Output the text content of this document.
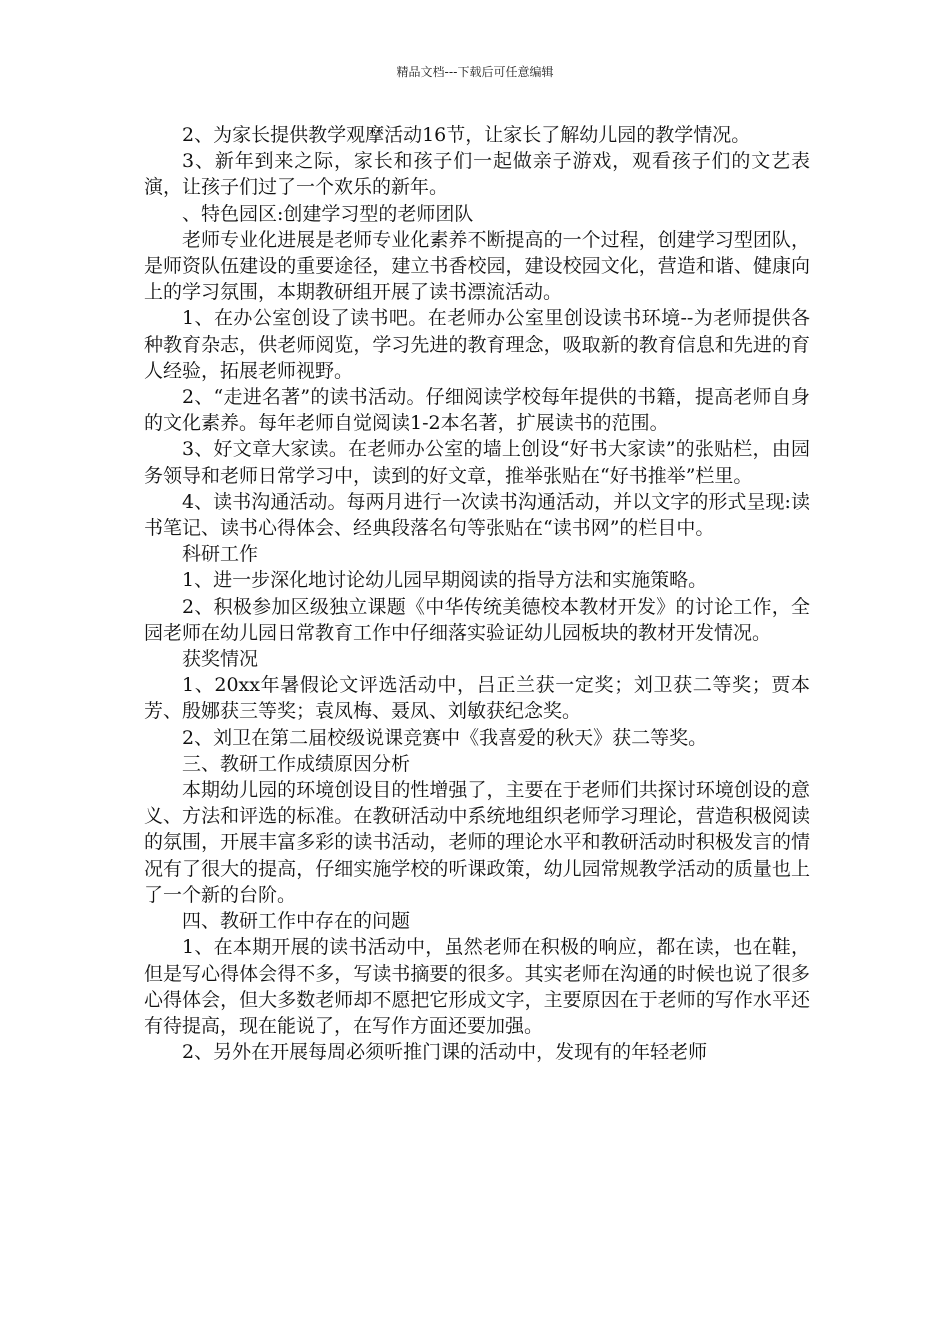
精品文档---下载后可任意编辑

2、为家长提供教学观摩活动16节，让家长了解幼儿园的教学情况。

3、新年到来之际，家长和孩子们一起做亲子游戏，观看孩子们的文艺表演，让孩子们过了一个欢乐的新年。

、特色园区:创建学习型的老师团队

老师专业化进展是老师专业化素养不断提高的一个过程，创建学习型团队，是师资队伍建设的重要途径，建立书香校园，建设校园文化，营造和谐、健康向上的学习氛围，本期教研组开展了读书漂流活动。

1、在办公室创设了读书吧。在老师办公室里创设读书环境--为老师提供各种教育杂志，供老师阅览，学习先进的教育理念，吸取新的教育信息和先进的育人经验，拓展老师视野。

2、“走进名著”的读书活动。仔细阅读学校每年提供的书籍，提高老师自身的文化素养。每年老师自觉阅读1-2本名著，扩展读书的范围。

3、好文章大家读。在老师办公室的墙上创设“好书大家读”的张贴栏，由园务领导和老师日常学习中，读到的好文章，推举张贴在“好书推举”栏里。

4、读书沟通活动。每两月进行一次读书沟通活动，并以文字的形式呈现:读书笔记、读书心得体会、经典段落名句等张贴在“读书网”的栏目中。

科研工作

1、进一步深化地讨论幼儿园早期阅读的指导方法和实施策略。

2、积极参加区级独立课题《中华传统美德校本教材开发》的讨论工作，全园老师在幼儿园日常教育工作中仔细落实验证幼儿园板块的教材开发情况。

获奖情况

1、20xx年暑假论文评选活动中，吕正兰获一定奖；刘卫获二等奖；贾本芳、殷娜获三等奖；袁凤梅、聂凤、刘敏获纪念奖。

2、刘卫在第二届校级说课竞赛中《我喜爱的秋天》获二等奖。

三、教研工作成绩原因分析

本期幼儿园的环境创设目的性增强了，主要在于老师们共探讨环境创设的意义、方法和评选的标准。在教研活动中系统地组织老师学习理论，营造积极阅读的氛围，开展丰富多彩的读书活动，老师的理论水平和教研活动时积极发言的情况有了很大的提高，仔细实施学校的听课政策，幼儿园常规教学活动的质量也上了一个新的台阶。

四、教研工作中存在的问题

1、在本期开展的读书活动中，虽然老师在积极的响应，都在读，也在鞋，但是写心得体会得不多，写读书摘要的很多。其实老师在沟通的时候也说了很多心得体会，但大多数老师却不愿把它形成文字，主要原因在于老师的写作水平还有待提高，现在能说了，在写作方面还要加强。

2、另外在开展每周必须听推门课的活动中，发现有的年轻老师
